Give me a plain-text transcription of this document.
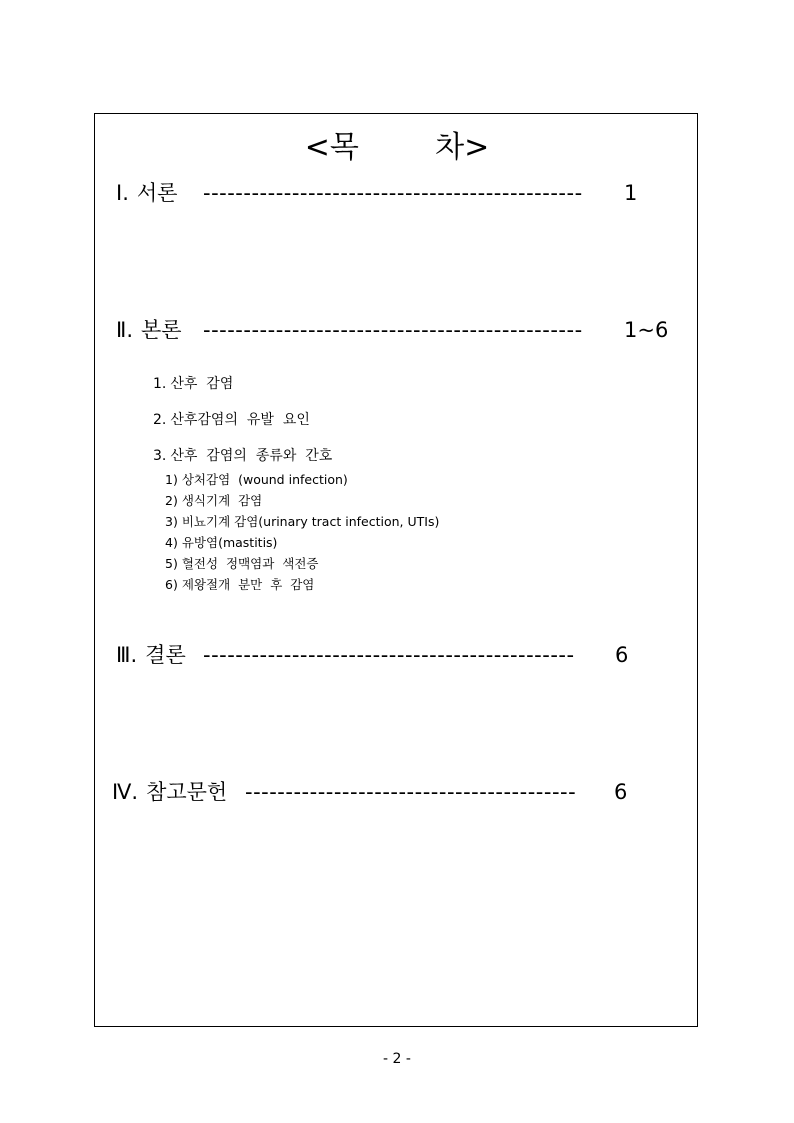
<목        차>
Ⅰ. 서론 ----------------------------------------------- 1
Ⅱ. 본론 ----------------------------------------------- 1~6
1. 산후  감염
2. 산후감염의  유발  요인
3. 산후  감염의  종류와  간호
1) 상처감염  (wound infection)
2) 생식기계  감염
3) 비뇨기계 감염(urinary tract infection, UTIs)
4) 유방염(mastitis)
5) 혈전성  정맥염과  색전증
6) 제왕절개  분만  후  감염
Ⅲ. 결론 ---------------------------------------------- 6
Ⅳ. 참고문헌 ----------------------------------------- 6
- 2 -
